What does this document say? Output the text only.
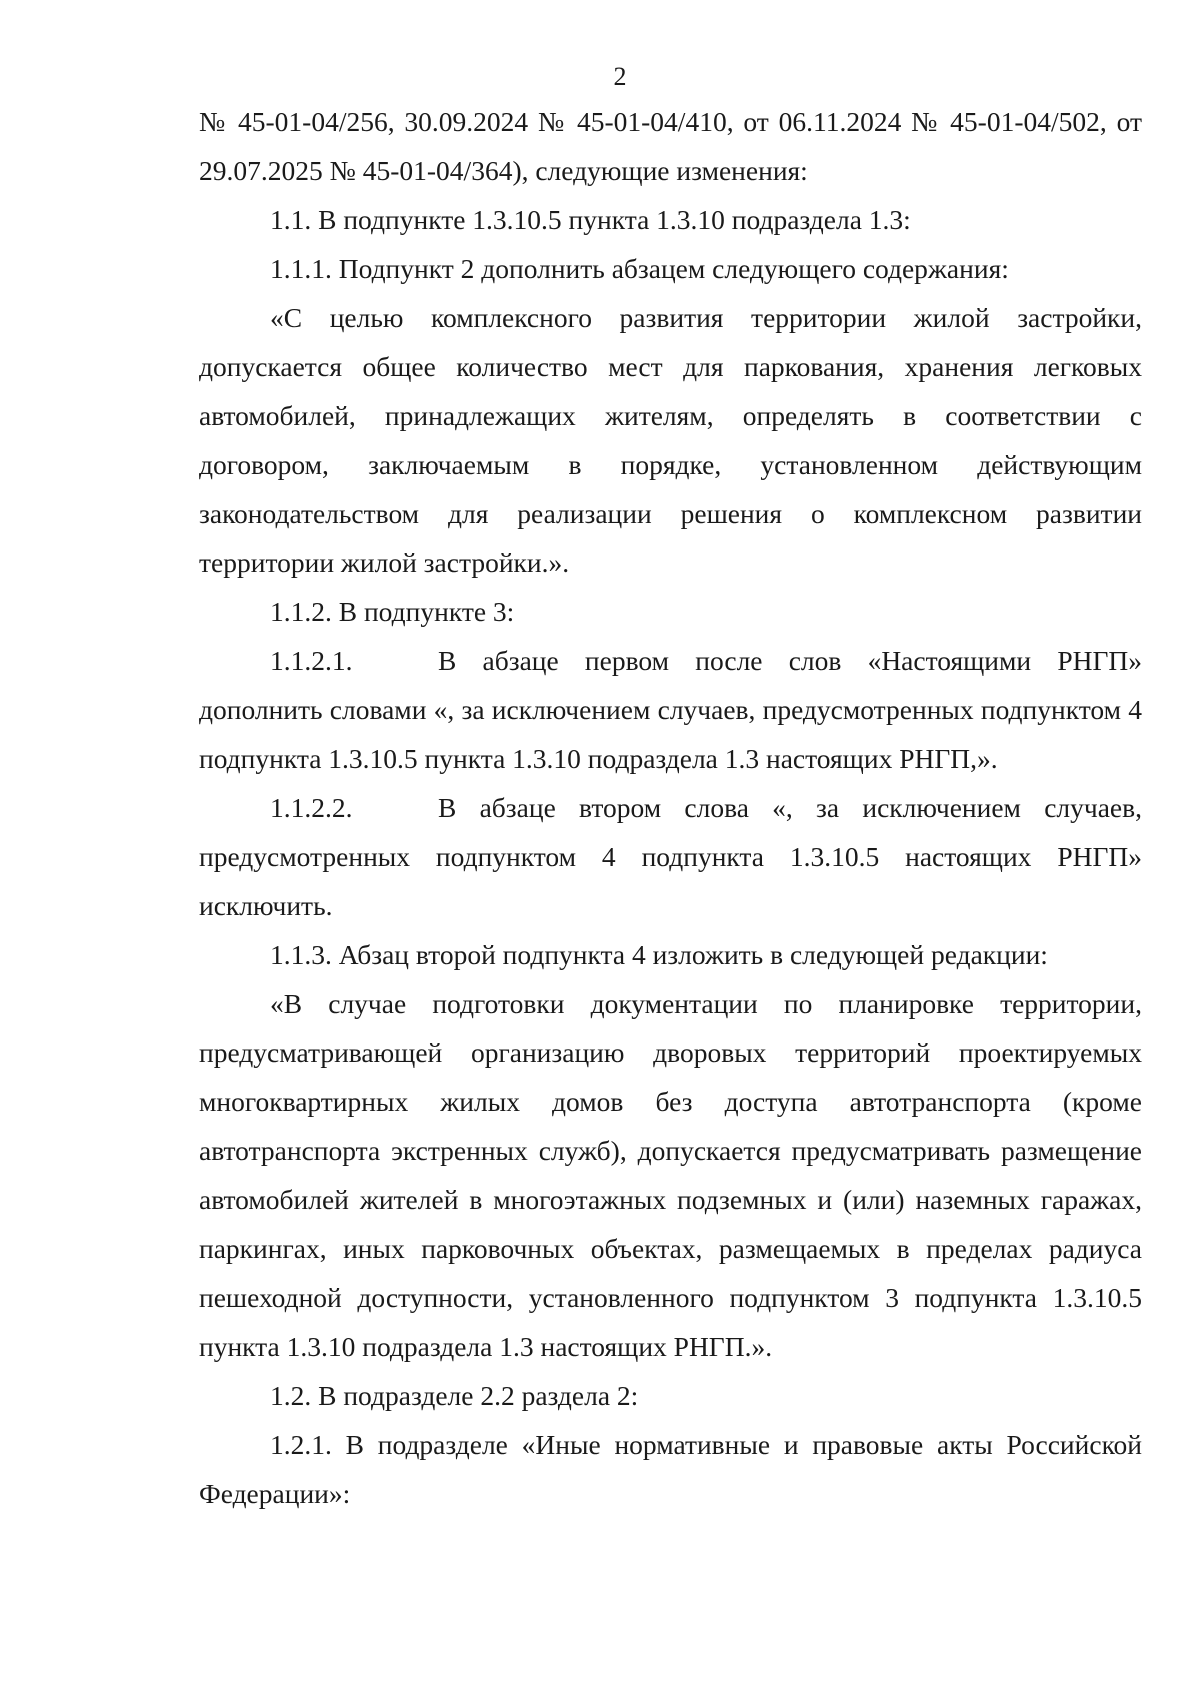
2

№ 45-01-04/256, 30.09.2024 № 45-01-04/410, от 06.11.2024 № 45-01-04/502, от 29.07.2025 № 45-01-04/364), следующие изменения:

1.1. В подпункте 1.3.10.5 пункта 1.3.10 подраздела 1.3:

1.1.1. Подпункт 2 дополнить абзацем следующего содержания:

«С целью комплексного развития территории жилой застройки, допускается общее количество мест для паркования, хранения легковых автомобилей, принадлежащих жителям, определять в соответствии с договором, заключаемым в порядке, установленном действующим законодательством для реализации решения о комплексном развитии территории жилой застройки.».

1.1.2. В подпункте 3:

1.1.2.1.	В абзаце первом после слов «Настоящими РНГП» дополнить словами «, за исключением случаев, предусмотренных подпунктом 4 подпункта 1.3.10.5 пункта 1.3.10 подраздела 1.3 настоящих РНГП,».

1.1.2.2.	В абзаце втором слова «, за исключением случаев, предусмотренных подпунктом 4 подпункта 1.3.10.5 настоящих РНГП» исключить.

1.1.3. Абзац второй подпункта 4 изложить в следующей редакции:

«В случае подготовки документации по планировке территории, предусматривающей организацию дворовых территорий проектируемых многоквартирных жилых домов без доступа автотранспорта (кроме автотранспорта экстренных служб), допускается предусматривать размещение автомобилей жителей в многоэтажных подземных и (или) наземных гаражах, паркингах, иных парковочных объектах, размещаемых в пределах радиуса пешеходной доступности, установленного подпунктом 3 подпункта 1.3.10.5 пункта 1.3.10 подраздела 1.3 настоящих РНГП.».

1.2. В подразделе 2.2 раздела 2:

1.2.1. В подразделе «Иные нормативные и правовые акты Российской Федерации»:
